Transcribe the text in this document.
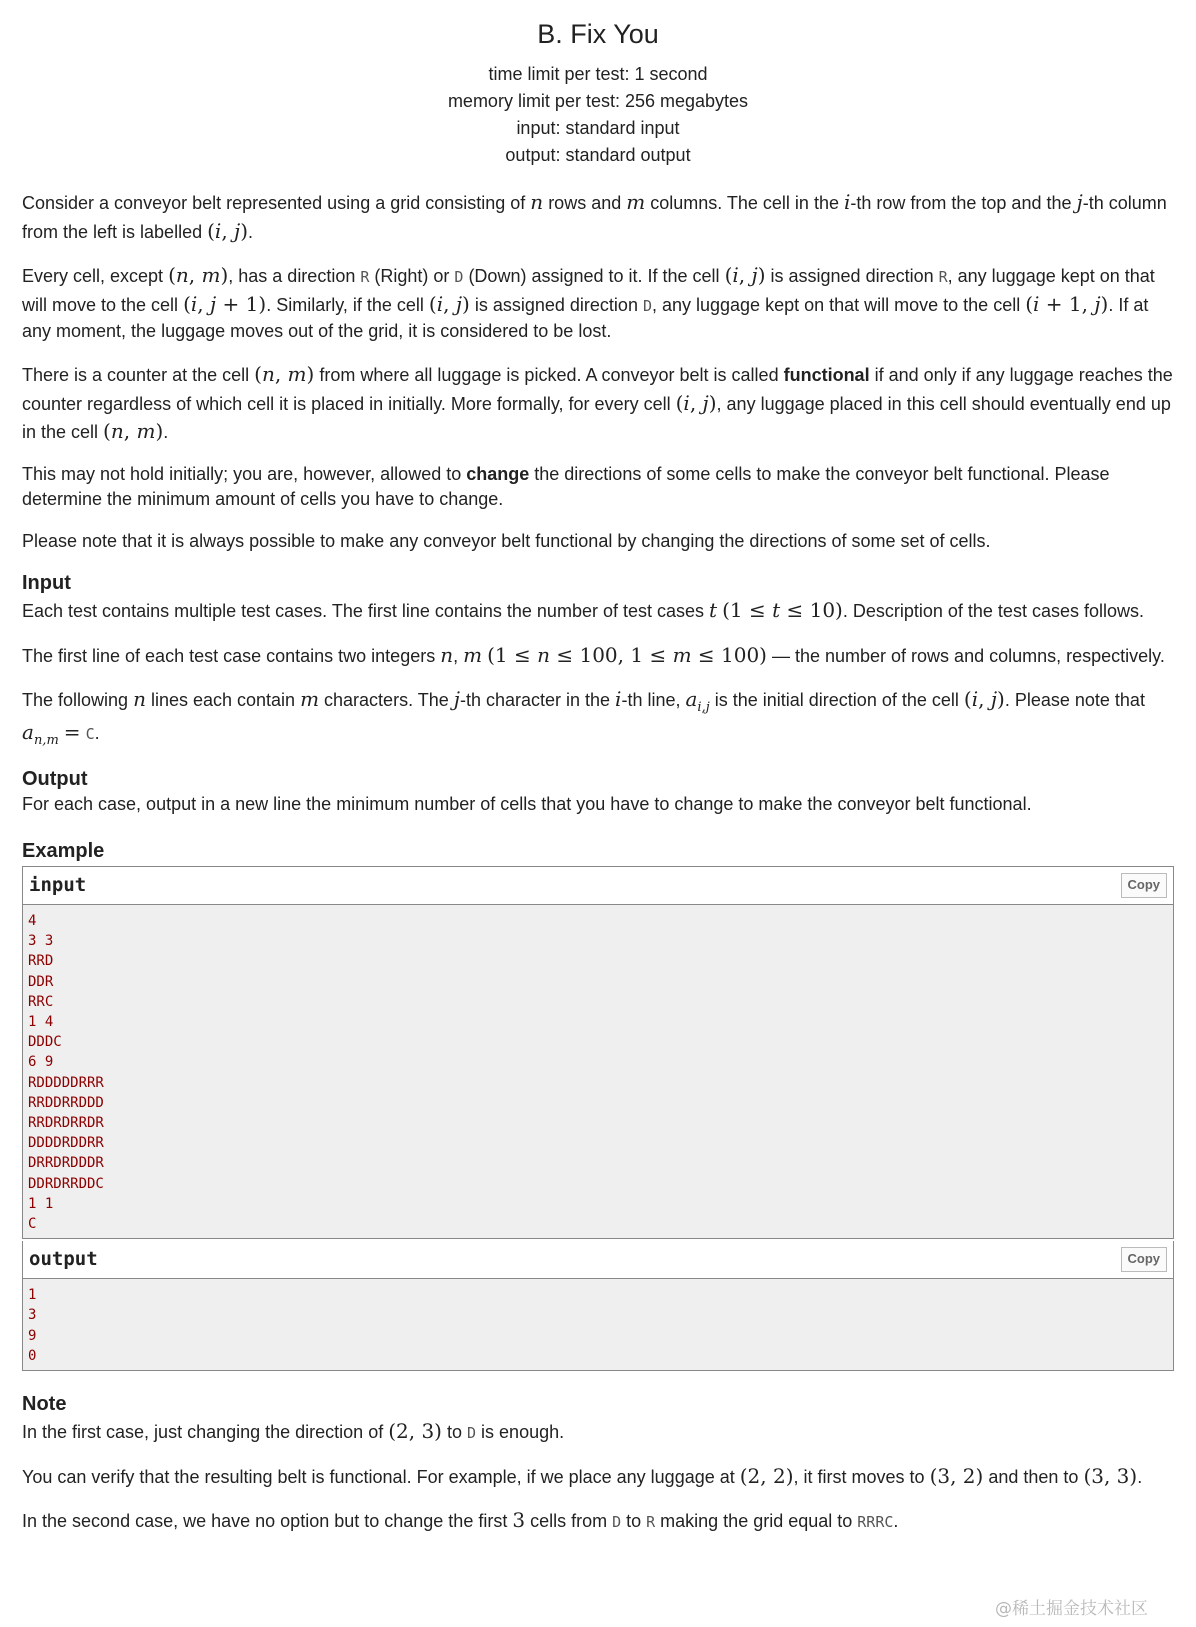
B. Fix You
time limit per test: 1 second
memory limit per test: 256 megabytes
input: standard input
output: standard output

Consider a conveyor belt represented using a grid consisting of n rows and m columns. The cell in the i-th row from the top and the j-th column from the left is labelled (i, j).

Every cell, except (n, m), has a direction R (Right) or D (Down) assigned to it. If the cell (i, j) is assigned direction R, any luggage kept on that will move to the cell (i, j + 1). Similarly, if the cell (i, j) is assigned direction D, any luggage kept on that will move to the cell (i + 1, j). If at any moment, the luggage moves out of the grid, it is considered to be lost.

There is a counter at the cell (n, m) from where all luggage is picked. A conveyor belt is called functional if and only if any luggage reaches the counter regardless of which cell it is placed in initially. More formally, for every cell (i, j), any luggage placed in this cell should eventually end up in the cell (n, m).

This may not hold initially; you are, however, allowed to change the directions of some cells to make the conveyor belt functional. Please determine the minimum amount of cells you have to change.

Please note that it is always possible to make any conveyor belt functional by changing the directions of some set of cells.

Input

Each test contains multiple test cases. The first line contains the number of test cases t (1 ≤ t ≤ 10). Description of the test cases follows.

The first line of each test case contains two integers n, m (1 ≤ n ≤ 100, 1 ≤ m ≤ 100) — the number of rows and columns, respectively.

The following n lines each contain m characters. The j-th character in the i-th line, $a_{i,j}$ is the initial direction of the cell (i, j). Please note that $a_{n,m} = C$.

Output

For each case, output in a new line the minimum number of cells that you have to change to make the conveyor belt functional.

Example
input	Copy
4
3 3
RRD
DDR
RRC
1 4
DDDC
6 9
RDDDDDRRR
RRDDRRDDD
RRDRDRRDR
DDDDRDDRR
DRRDRDDDR
DDRDRRDDC
1 1
C
output	Copy
1
3
9
0
Note

In the first case, just changing the direction of (2, 3) to D is enough.

You can verify that the resulting belt is functional. For example, if we place any luggage at (2, 2), it first moves to (3, 2) and then to (3, 3).

In the second case, we have no option but to change the first 3 cells from D to R making the grid equal to RRRC.

@稀土掘金技术社区
